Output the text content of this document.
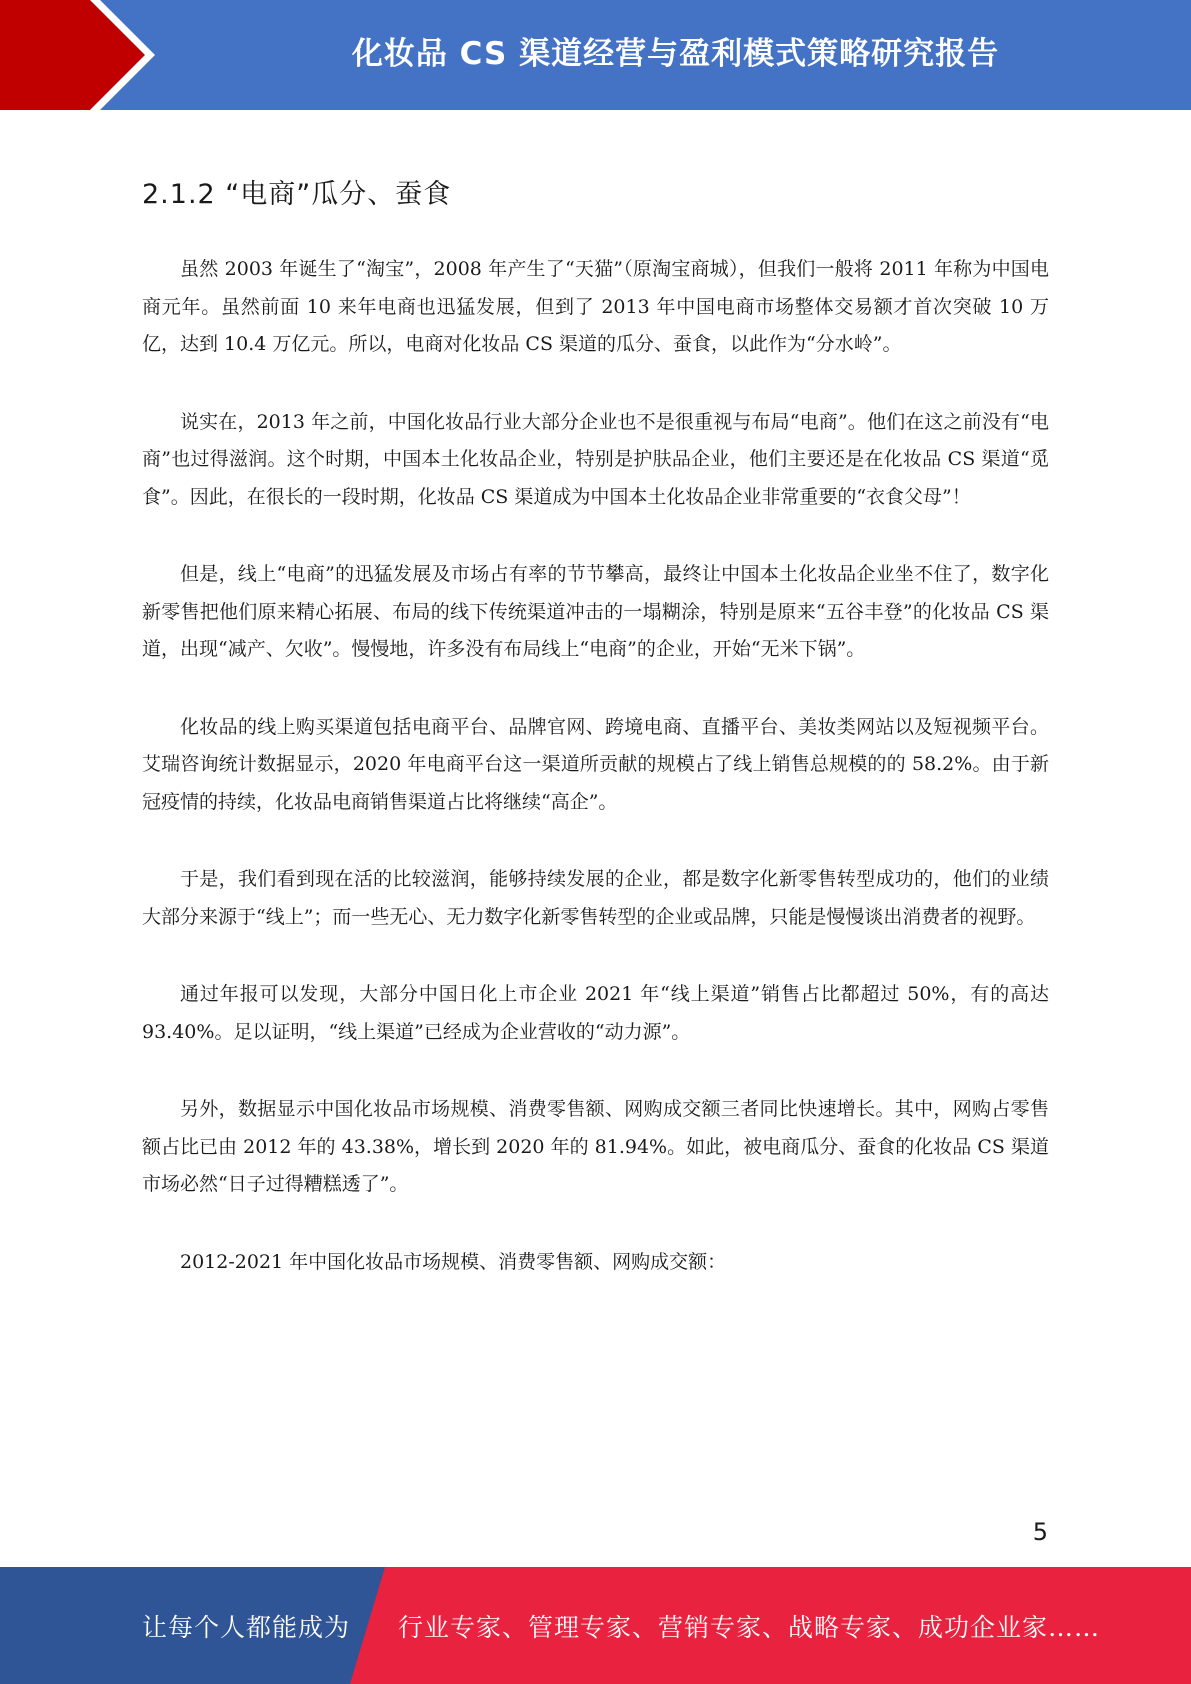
化妆品 CS 渠道经营与盈利模式策略研究报告
2.1.2 “电商”瓜分、蚕食

虽然 2003 年诞生了“淘宝”，2008 年产生了“天猫”（原淘宝商城），但我们一般将 2011 年称为中国电商元年。虽然前面 10 来年电商也迅猛发展，但到了 2013 年中国电商市场整体交易额才首次突破 10 万亿，达到 10.4 万亿元。所以，电商对化妆品 CS 渠道的瓜分、蚕食，以此作为“分水岭”。

说实在，2013 年之前，中国化妆品行业大部分企业也不是很重视与布局“电商”。他们在这之前没有“电商”也过得滋润。这个时期，中国本土化妆品企业，特别是护肤品企业，他们主要还是在化妆品 CS 渠道“觅食”。因此，在很长的一段时期，化妆品 CS 渠道成为中国本土化妆品企业非常重要的“衣食父母”！

但是，线上“电商”的迅猛发展及市场占有率的节节攀高，最终让中国本土化妆品企业坐不住了，数字化新零售把他们原来精心拓展、布局的线下传统渠道冲击的一塌糊涂，特别是原来“五谷丰登”的化妆品 CS 渠道，出现“减产、欠收”。慢慢地，许多没有布局线上“电商”的企业，开始“无米下锅”。

化妆品的线上购买渠道包括电商平台、品牌官网、跨境电商、直播平台、美妆类网站以及短视频平台。艾瑞咨询统计数据显示，2020 年电商平台这一渠道所贡献的规模占了线上销售总规模的的 58.2%。由于新冠疫情的持续，化妆品电商销售渠道占比将继续“高企”。

于是，我们看到现在活的比较滋润，能够持续发展的企业，都是数字化新零售转型成功的，他们的业绩大部分来源于“线上”；而一些无心、无力数字化新零售转型的企业或品牌，只能是慢慢谈出消费者的视野。

通过年报可以发现，大部分中国日化上市企业 2021 年“线上渠道”销售占比都超过 50%，有的高达 93.40%。足以证明，“线上渠道”已经成为企业营收的“动力源”。

另外，数据显示中国化妆品市场规模、消费零售额、网购成交额三者同比快速增长。其中，网购占零售额占比已由 2012 年的 43.38%，增长到 2020 年的 81.94%。如此，被电商瓜分、蚕食的化妆品 CS 渠道市场必然“日子过得糟糕透了”。

2012-2021 年中国化妆品市场规模、消费零售额、网购成交额：

5
让每个人都能成为 行业专家、管理专家、营销专家、战略专家、成功企业家……
